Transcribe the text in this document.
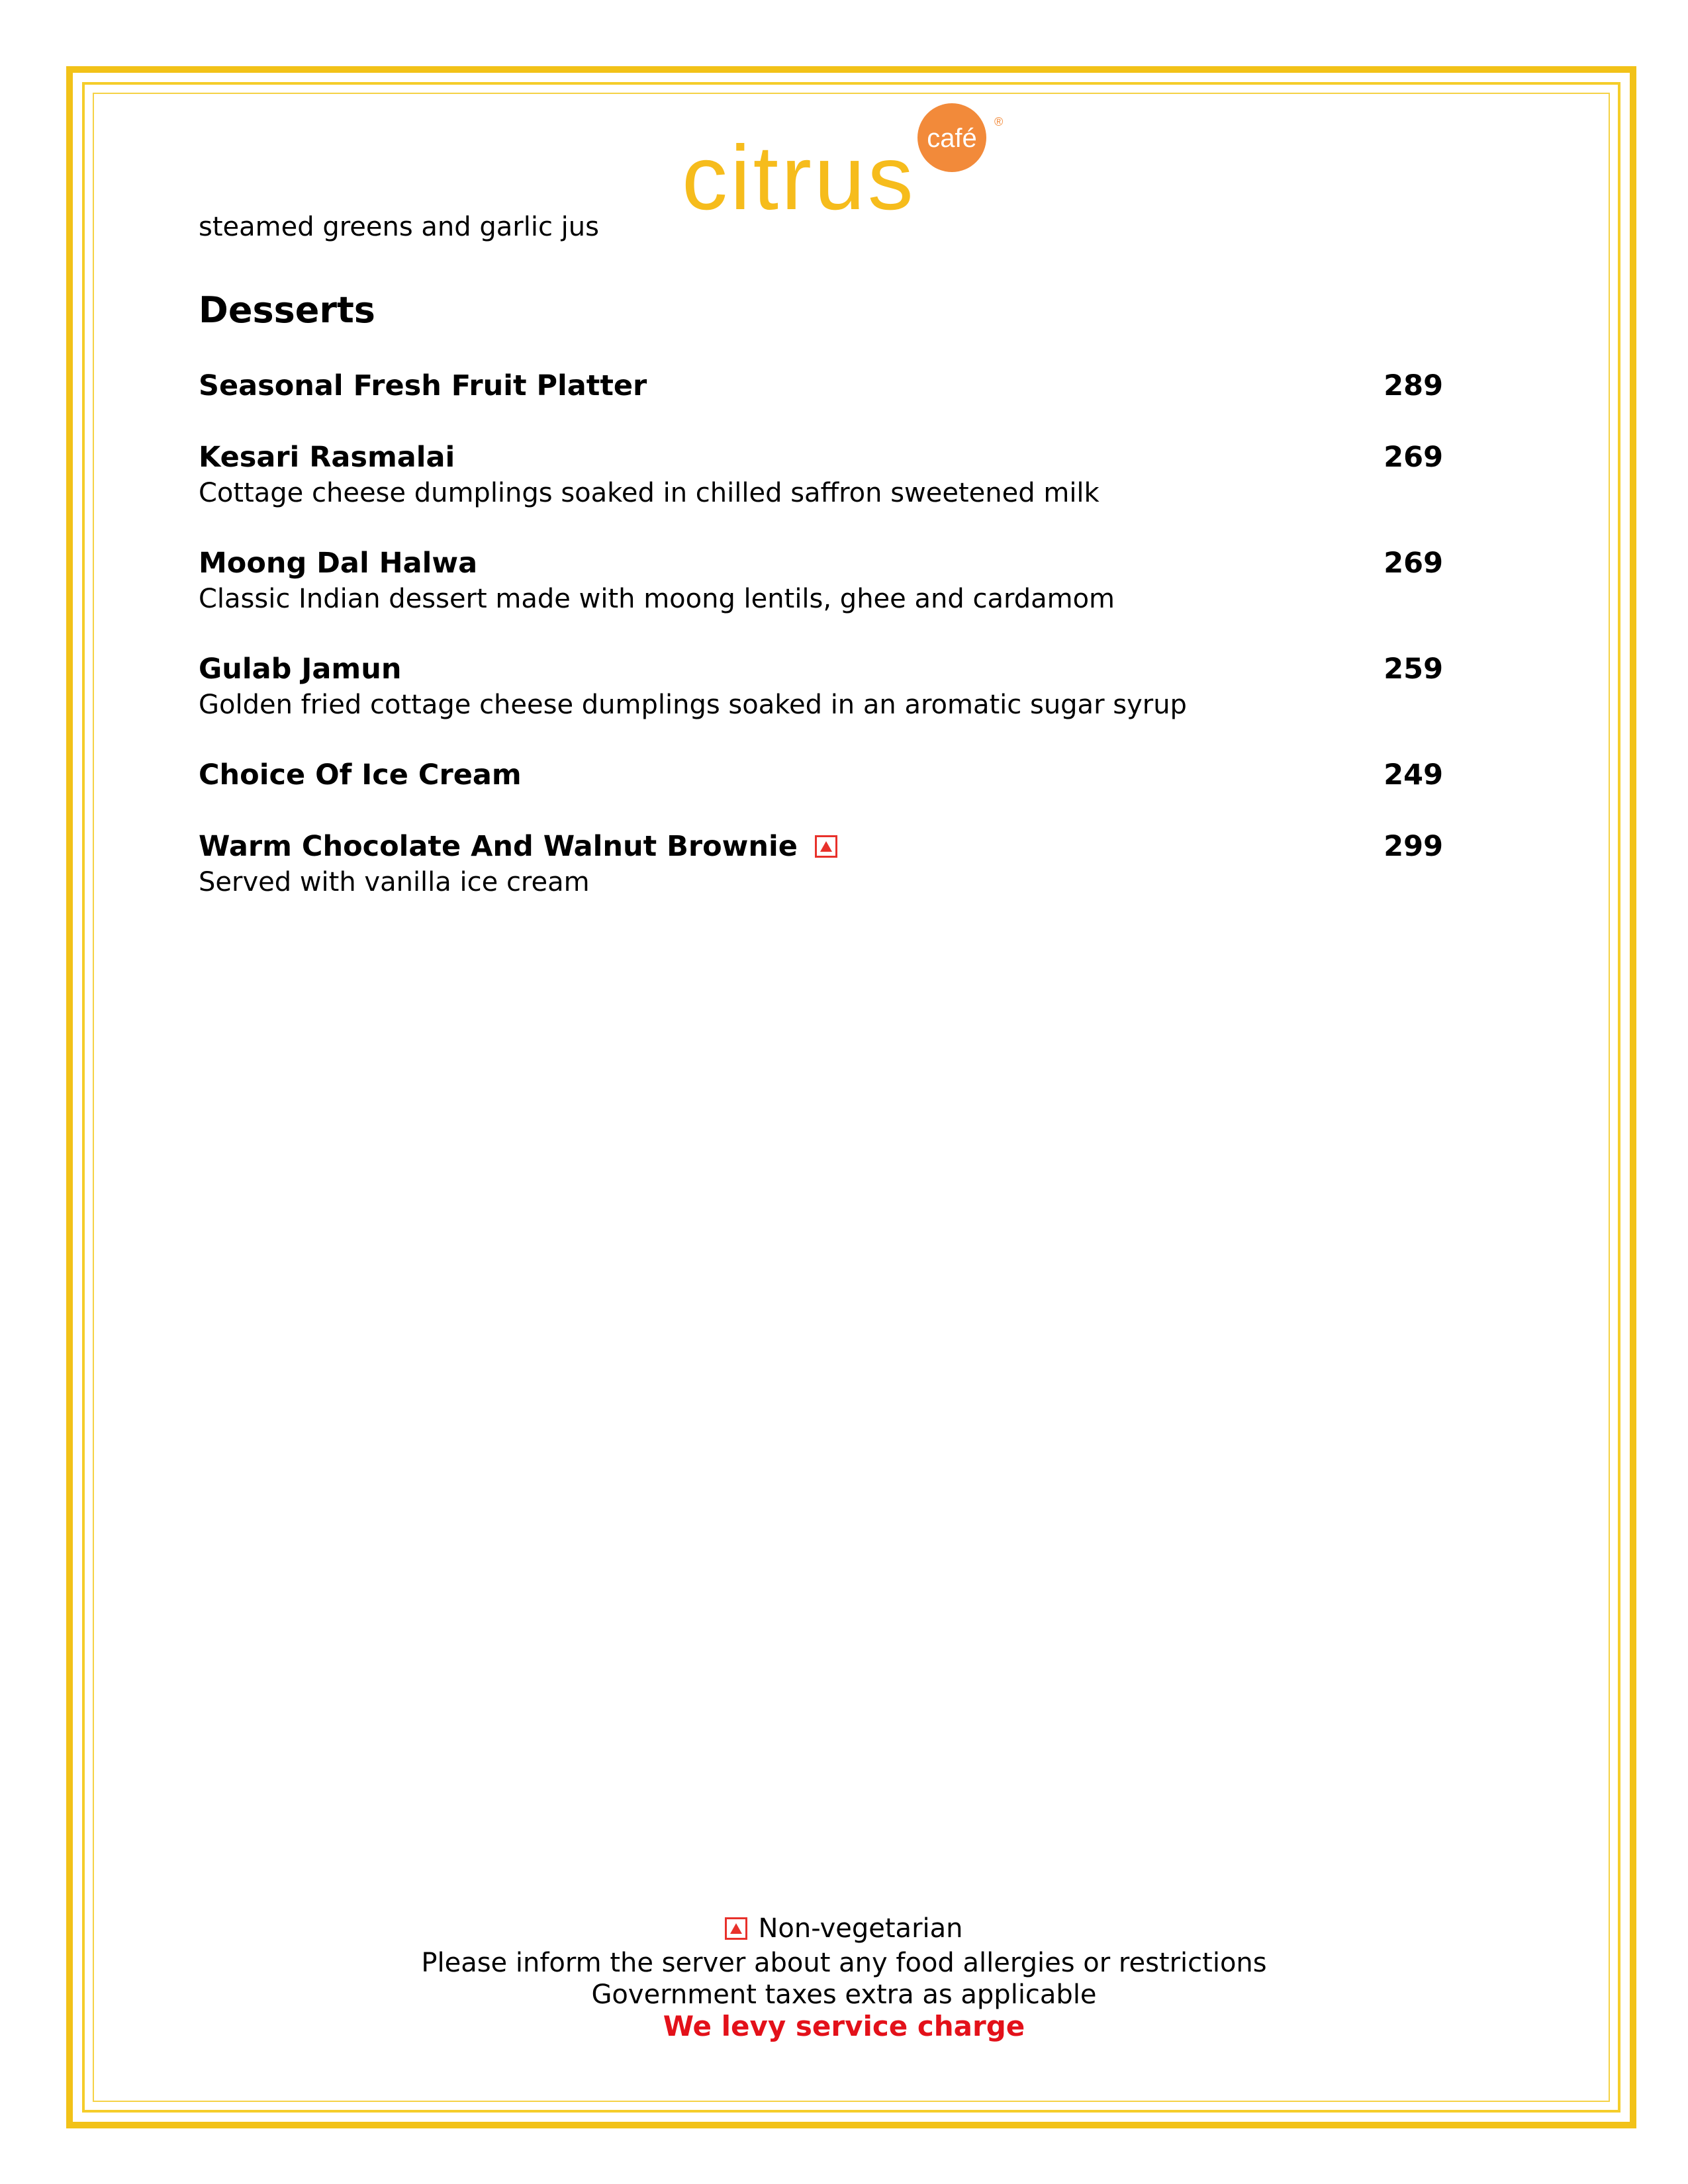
café
®
citrus
steamed greens and garlic jus
Desserts
Seasonal Fresh Fruit Platter	289
Kesari Rasmalai	269
Cottage cheese dumplings soaked in chilled saffron sweetened milk
Moong Dal Halwa	269
Classic Indian dessert made with moong lentils, ghee and cardamom
Gulab Jamun	259
Golden fried cottage cheese dumplings soaked in an aromatic sugar syrup
Choice Of Ice Cream	249
Warm Chocolate And Walnut Brownie	299
Served with vanilla ice cream
Non-vegetarian
Please inform the server about any food allergies or restrictions
Government taxes extra as applicable
We levy service charge
